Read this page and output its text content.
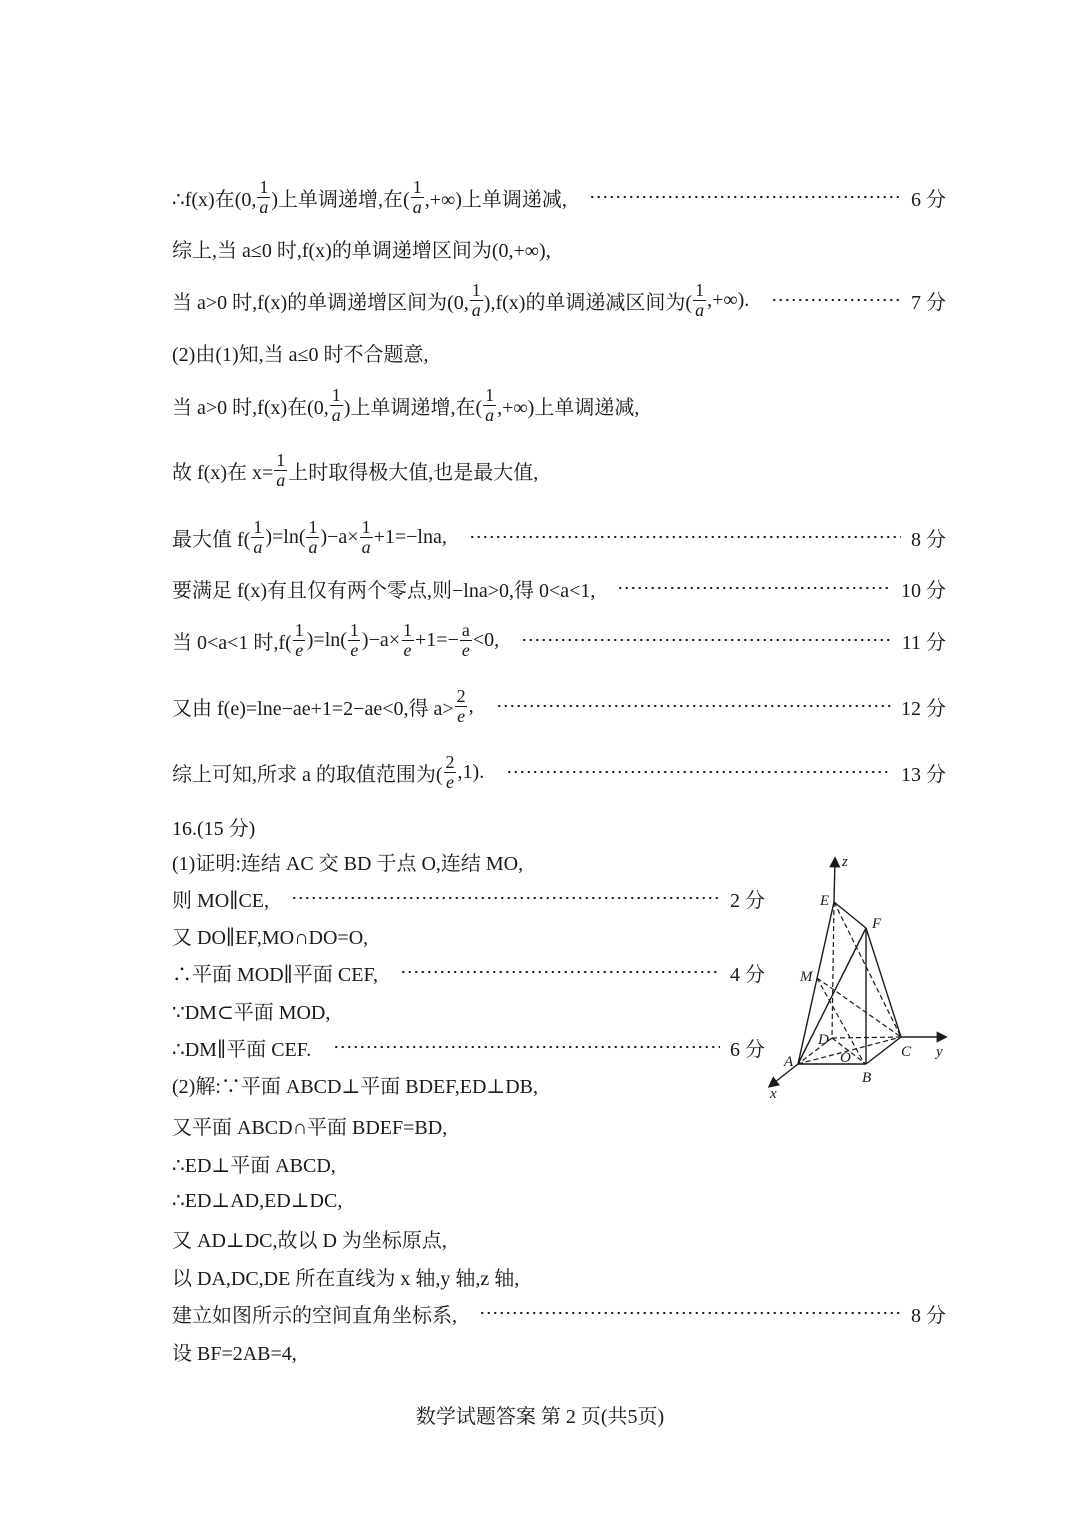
∴f(x)在(0, $\frac{1}{a}$ )上单调递增,在( $\frac{1}{a}$ ,+∞)上单调递减,	6 分
综上,当 a≤0 时,f(x)的单调递增区间为(0,+∞),
当 a>0 时,f(x)的单调递增区间为(0, $\frac{1}{a} ),f(x)$的单调递减区间为( $\frac{1}{a}$ ,+∞).	7 分
(2)由(1)知,当 a≤0 时不合题意,
当 a>0 时,f(x)在(0, $\frac{1}{a}$ )上单调递增,在( $\frac{1}{a}$ ,+∞)上单调递减,
故 f(x)在 $x= \frac{1}{a}$ 上时取得极大值,也是最大值,
最大值 $f( \frac{1}{a} )=\ln( \frac{1}{a} )-a\times \frac{1}{a} +1=-\ln a$,	8 分
要满足 f(x)有且仅有两个零点,则−lna>0,得 0<a<1,	10 分
当 0<a<1 时$,f( \frac{1}{e} )=\ln( \frac{1}{e} )-a\times \frac{1}{e} +1=- \frac{a}{e} <0$,	11 分
又由 f(e)=lne−ae+1=2−ae<0,得 $a> \frac{2}{e}$ ,	12 分
综上可知,所求 a 的取值范围为( $\frac{2}{e} ,1$).	13 分
16.(15 分)
(1)证明:连结 AC 交 BD 于点 O,连结 MO,
则 MO∥CE,	2 分
又 DO∥EF,MO∩DO=O,
∴平面 MOD∥平面 CEF,	4 分
∵DM⊂平面 MOD,
∴DM∥平面 CEF.	6 分
(2)解:∵平面 ABCD⊥平面 BDEF,ED⊥DB,
又平面 ABCD∩平面 BDEF=BD,
∴ED⊥平面 ABCD,
∴ED⊥AD,ED⊥DC,
又 AD⊥DC,故以 D 为坐标原点,
以 DA,DC,DE 所在直线为 x 轴,y 轴,z 轴,
建立如图所示的空间直角坐标系,	8 分
设 BF=2AB=4,
z
E
F
M
D
A	O
B
C y
x
数学试题答案 第 2 页(共5页)
